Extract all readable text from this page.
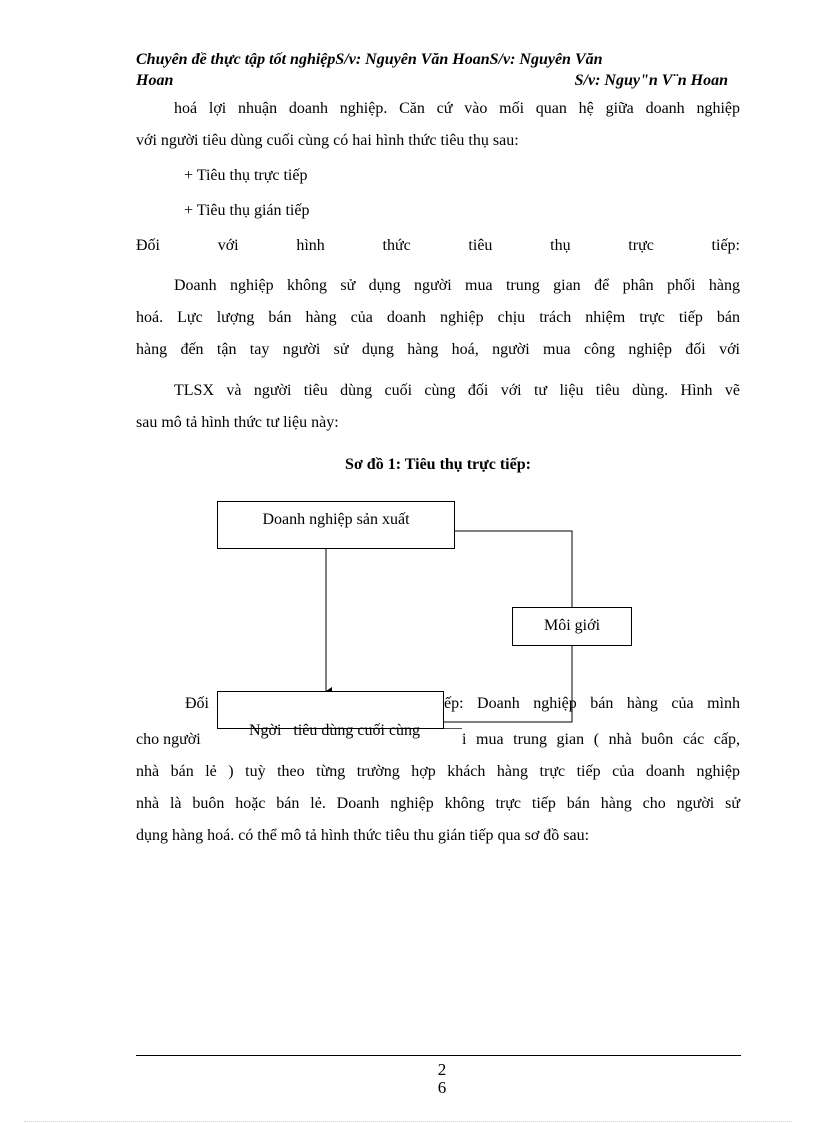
Chuyên đề thực tập tốt nghiệpS/v: Nguyên Văn HoanS/v: Nguyên Văn
Hoan	S/v: Nguy"n V¨n Hoan
hoá lợi nhuận doanh nghiệp. Căn cứ vào mối quan hệ giữa doanh nghiệp
với người tiêu dùng cuối cùng có hai hình thức tiêu thụ sau:
+ Tiêu thụ trực tiếp
+ Tiêu thụ gián tiếp
Đối với hình thức tiêu thụ trực tiếp:
Doanh nghiệp không sử dụng người mua trung gian để phân phối hàng
hoá. Lực lượng bán hàng của doanh nghiệp chịu trách nhiệm trực tiếp bán
hàng đến tận tay người sử dụng hàng hoá, người mua công nghiệp đối với
TLSX và người tiêu dùng cuối cùng đối với tư liệu tiêu dùng. Hình vẽ
sau mô tả hình thức tư liệu này:
Sơ đồ 1: Tiêu thụ trực tiếp:
Đối	ếp: Doanh nghiệp bán hàng của mình
cho người	i mua trung gian ( nhà buôn các cấp,
nhà bán lẻ ) tuỳ theo từng trường hợp khách hàng trực tiếp của doanh nghiệp
nhà là buôn hoặc bán lẻ. Doanh nghiệp không trực tiếp bán hàng cho người sử
dụng hàng hoá. có thể mô tả hình thức tiêu thu gián tiếp qua sơ đồ sau:
Doanh nghiệp sản xuất
Môi giới

Ngời   tiêu dùng cuối cùng

2
6
